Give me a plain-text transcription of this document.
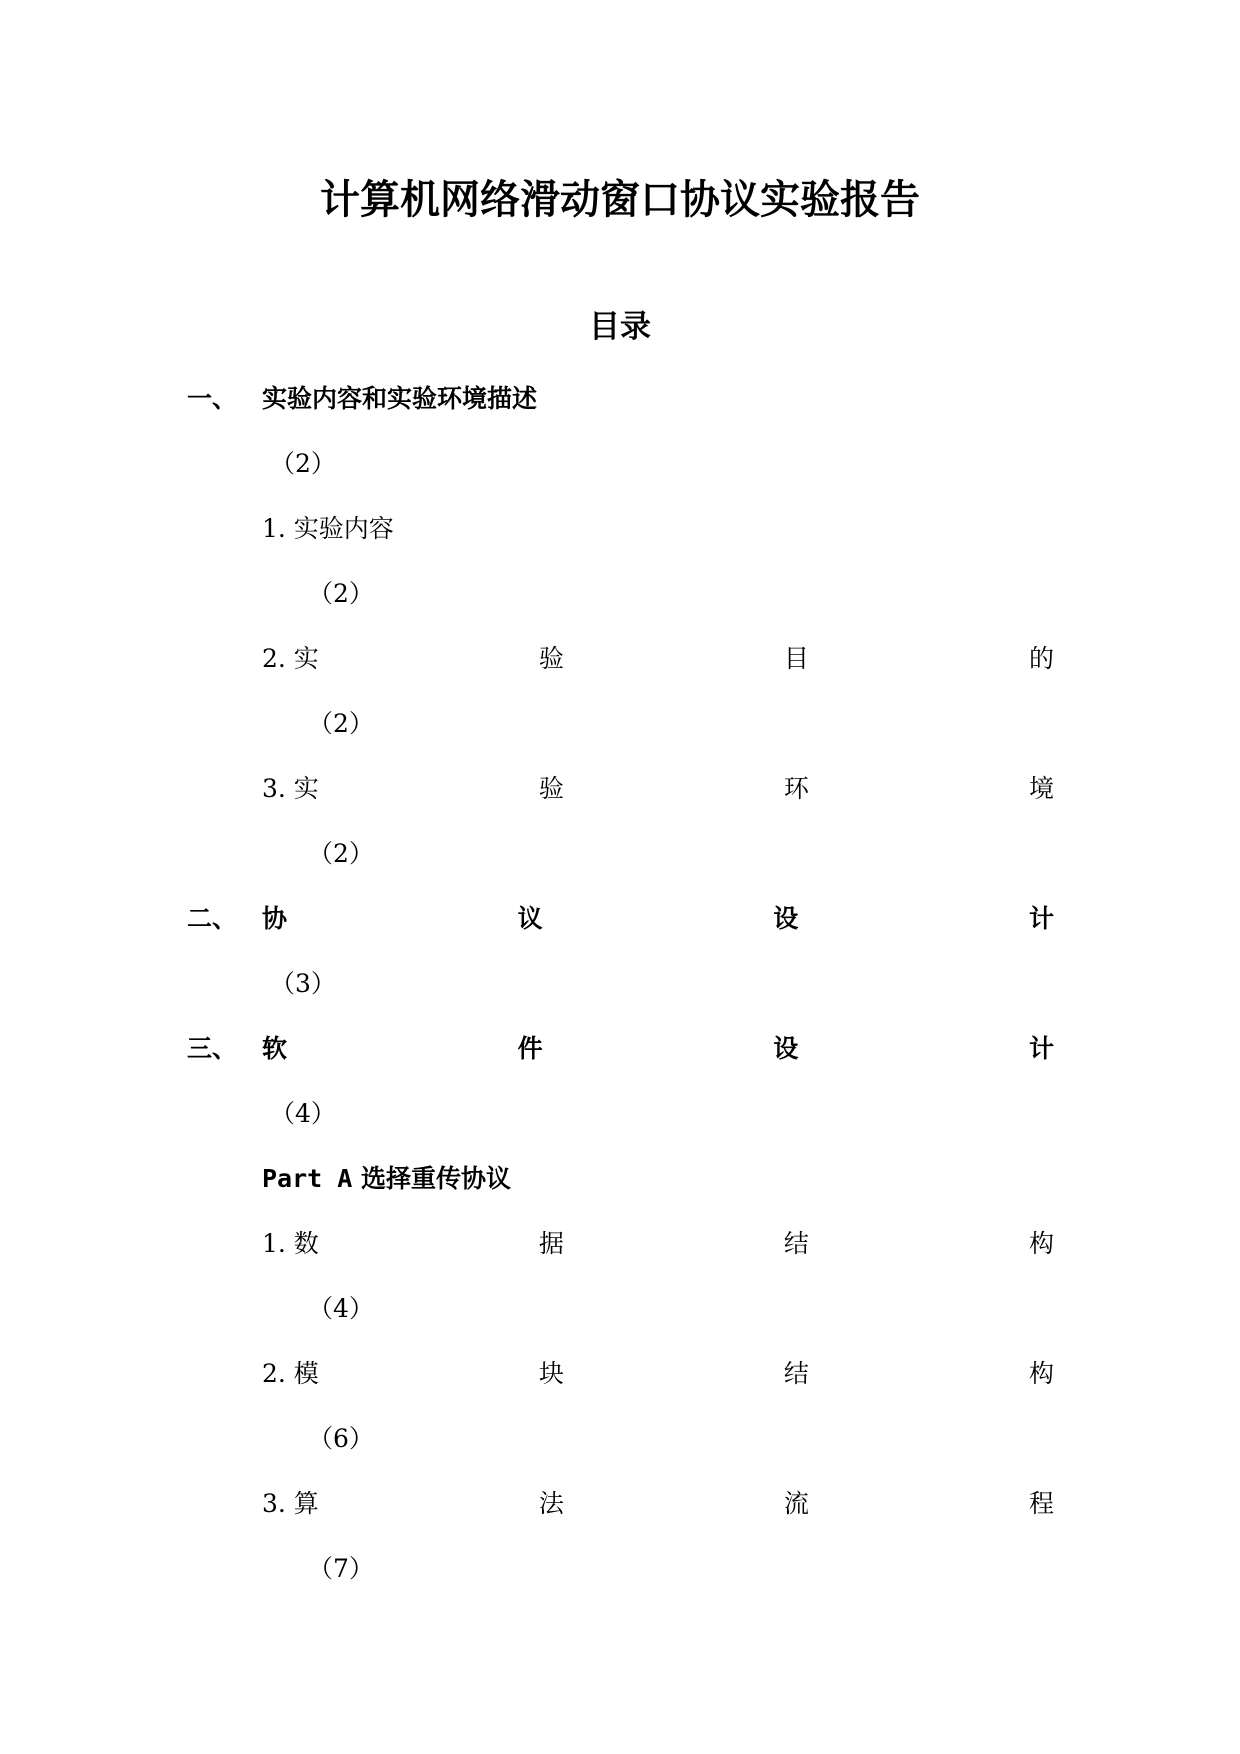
计算机网络滑动窗口协议实验报告
目录
一、 实验内容和实验环境描述
（2）
1. 实验内容
（2）
2. 实	验	目	的
（2）
3. 实	验	环	境
（2）
二、 协	议	设	计
（3）
三、 软	件	设	计
（4）
Part A 选择重传协议
1. 数	据	结	构
（4）
2. 模	块	结	构
（6）
3. 算	法	流	程
（7）
